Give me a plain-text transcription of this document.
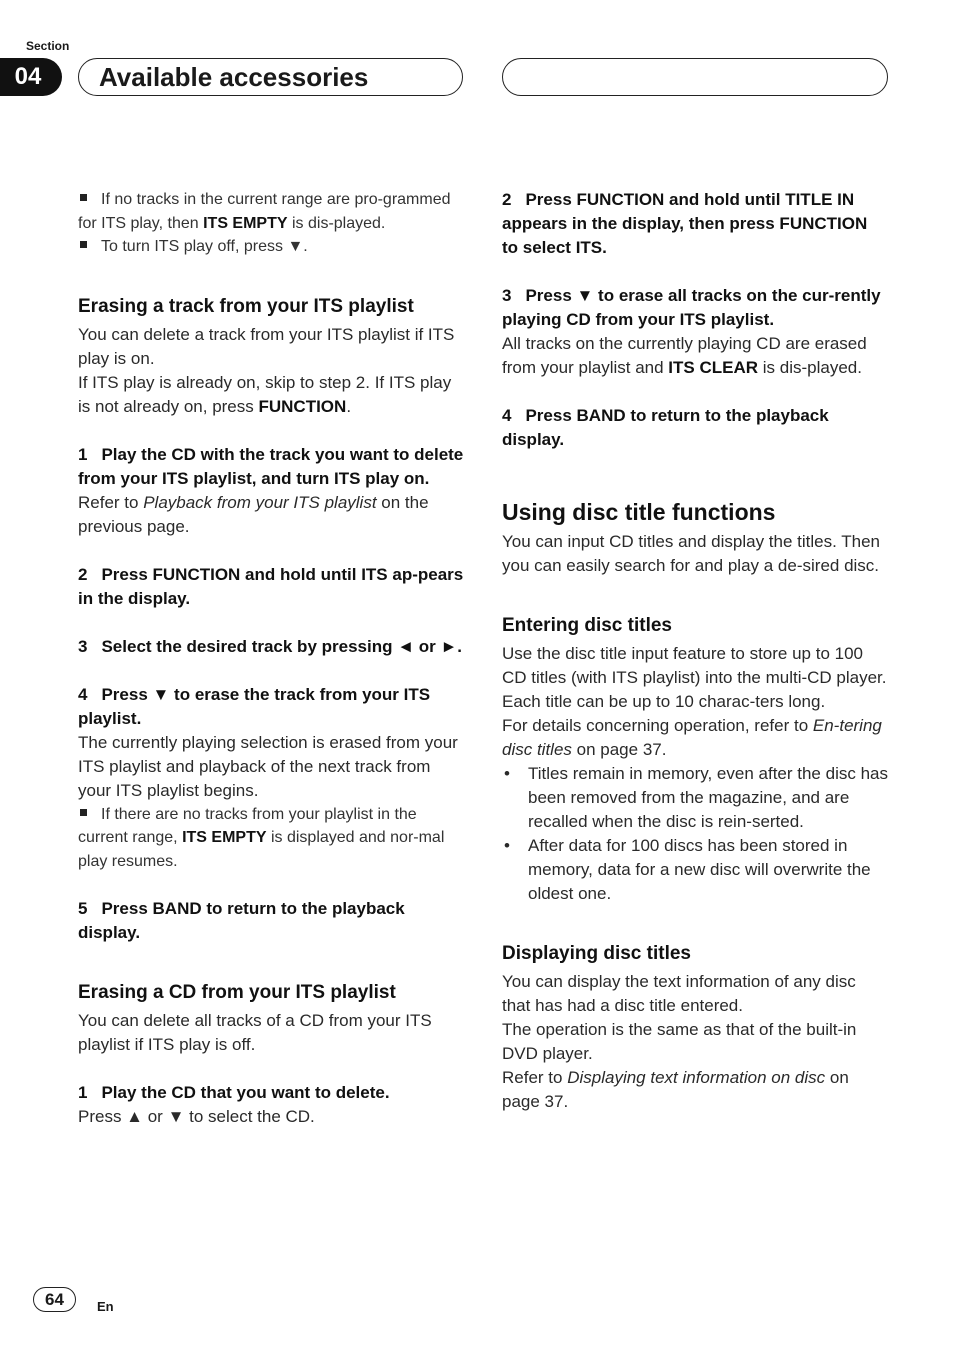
Section
04	Available accessories

If no tracks in the current range are pro-grammed for ITS play, then ITS EMPTY is dis-played.

To turn ITS play off, press ▼.

Erasing a track from your ITS playlist

You can delete a track from your ITS playlist if ITS play is on.

If ITS play is already on, skip to step 2. If ITS play is not already on, press FUNCTION.

1 Play the CD with the track you want to delete from your ITS playlist, and turn ITS play on.

Refer to Playback from your ITS playlist on the previous page.

2 Press FUNCTION and hold until ITS ap-pears in the display.

3 Select the desired track by pressing ◄ or ►.

4 Press ▼ to erase the track from your ITS playlist.

The currently playing selection is erased from your ITS playlist and playback of the next track from your ITS playlist begins.

If there are no tracks from your playlist in the current range, ITS EMPTY is displayed and nor-mal play resumes.

5 Press BAND to return to the playback display.

Erasing a CD from your ITS playlist

You can delete all tracks of a CD from your ITS playlist if ITS play is off.

1 Play the CD that you want to delete.

Press ▲ or ▼ to select the CD.

2 Press FUNCTION and hold until TITLE IN appears in the display, then press FUNCTION to select ITS.

3 Press ▼ to erase all tracks on the cur-rently playing CD from your ITS playlist.

All tracks on the currently playing CD are erased from your playlist and ITS CLEAR is dis-played.

4 Press BAND to return to the playback display.

Using disc title functions

You can input CD titles and display the titles. Then you can easily search for and play a de-sired disc.

Entering disc titles

Use the disc title input feature to store up to 100 CD titles (with ITS playlist) into the multi-CD player. Each title can be up to 10 charac-ters long.

For details concerning operation, refer to En-tering disc titles on page 37.

• Titles remain in memory, even after the disc has been removed from the magazine, and are recalled when the disc is rein-serted.

• After data for 100 discs has been stored in memory, data for a new disc will overwrite the oldest one.

Displaying disc titles

You can display the text information of any disc that has had a disc title entered.

The operation is the same as that of the built-in DVD player.

Refer to Displaying text information on disc on page 37.

64	En
